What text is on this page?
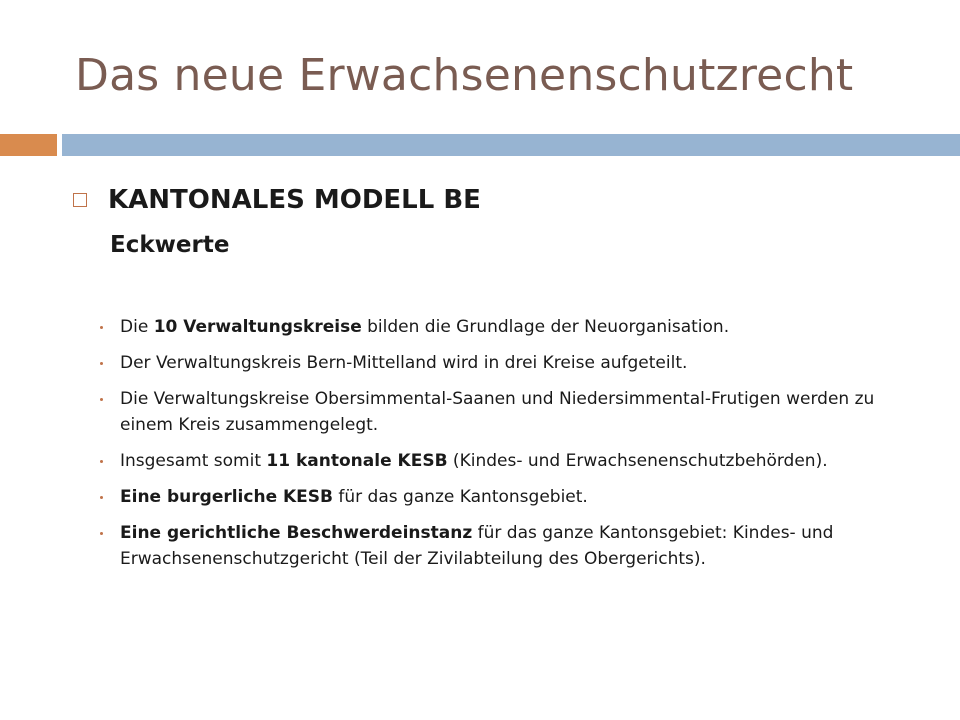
Das neue Erwachsenenschutzrecht
KANTONALES MODELL BE
Eckwerte
Die 10 Verwaltungskreise bilden die Grundlage der Neuorganisation.
Der Verwaltungskreis Bern-Mittelland wird in drei Kreise aufgeteilt.
Die Verwaltungskreise Obersimmental-Saanen und Niedersimmental-Frutigen werden zu einem Kreis zusammengelegt.
Insgesamt somit 11 kantonale KESB (Kindes- und Erwachsenenschutzbehörden).
Eine burgerliche KESB für das ganze Kantonsgebiet.
Eine gerichtliche Beschwerdeinstanz für das ganze Kantonsgebiet: Kindes- und Erwachsenenschutzgericht (Teil der Zivilabteilung des Obergerichts).
